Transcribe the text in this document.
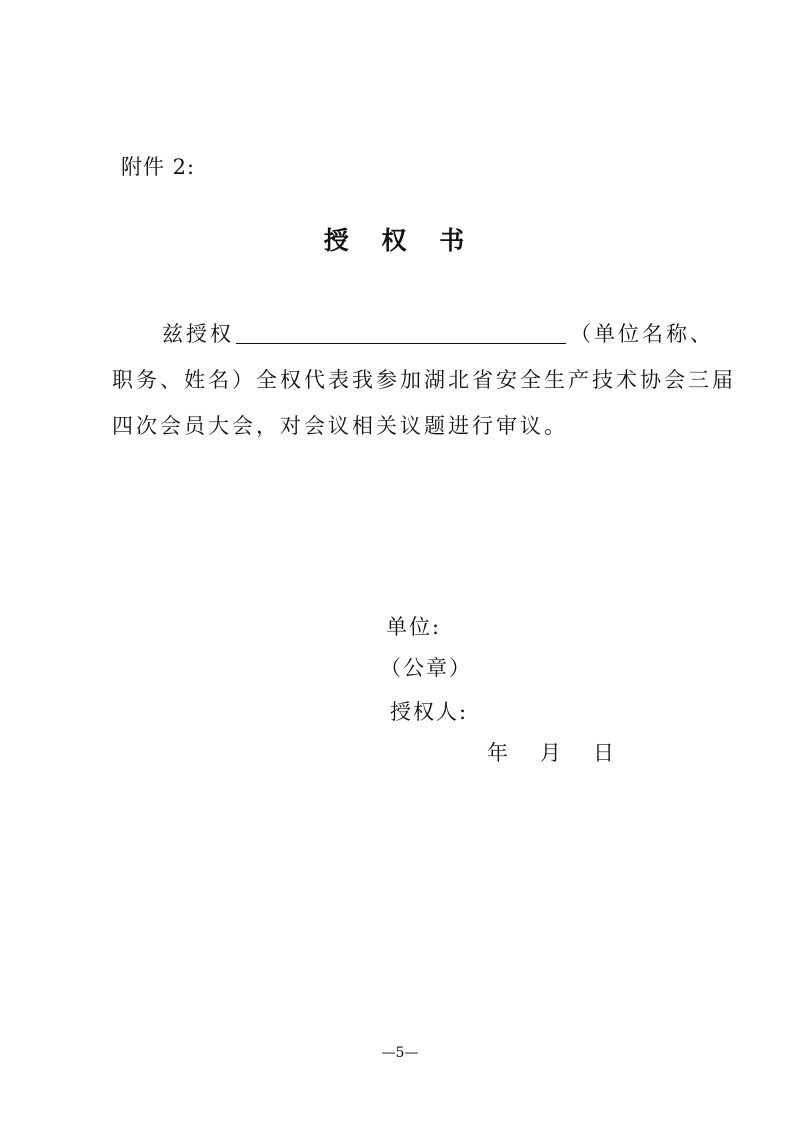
附件 2:
授 权 书
兹授权	（单位名称、
职务、姓名）全权代表我参加湖北省安全生产技术协会三届
四次会员大会，对会议相关议题进行审议。
单位:
（公章）
授权人:
年 月 日
—5—
